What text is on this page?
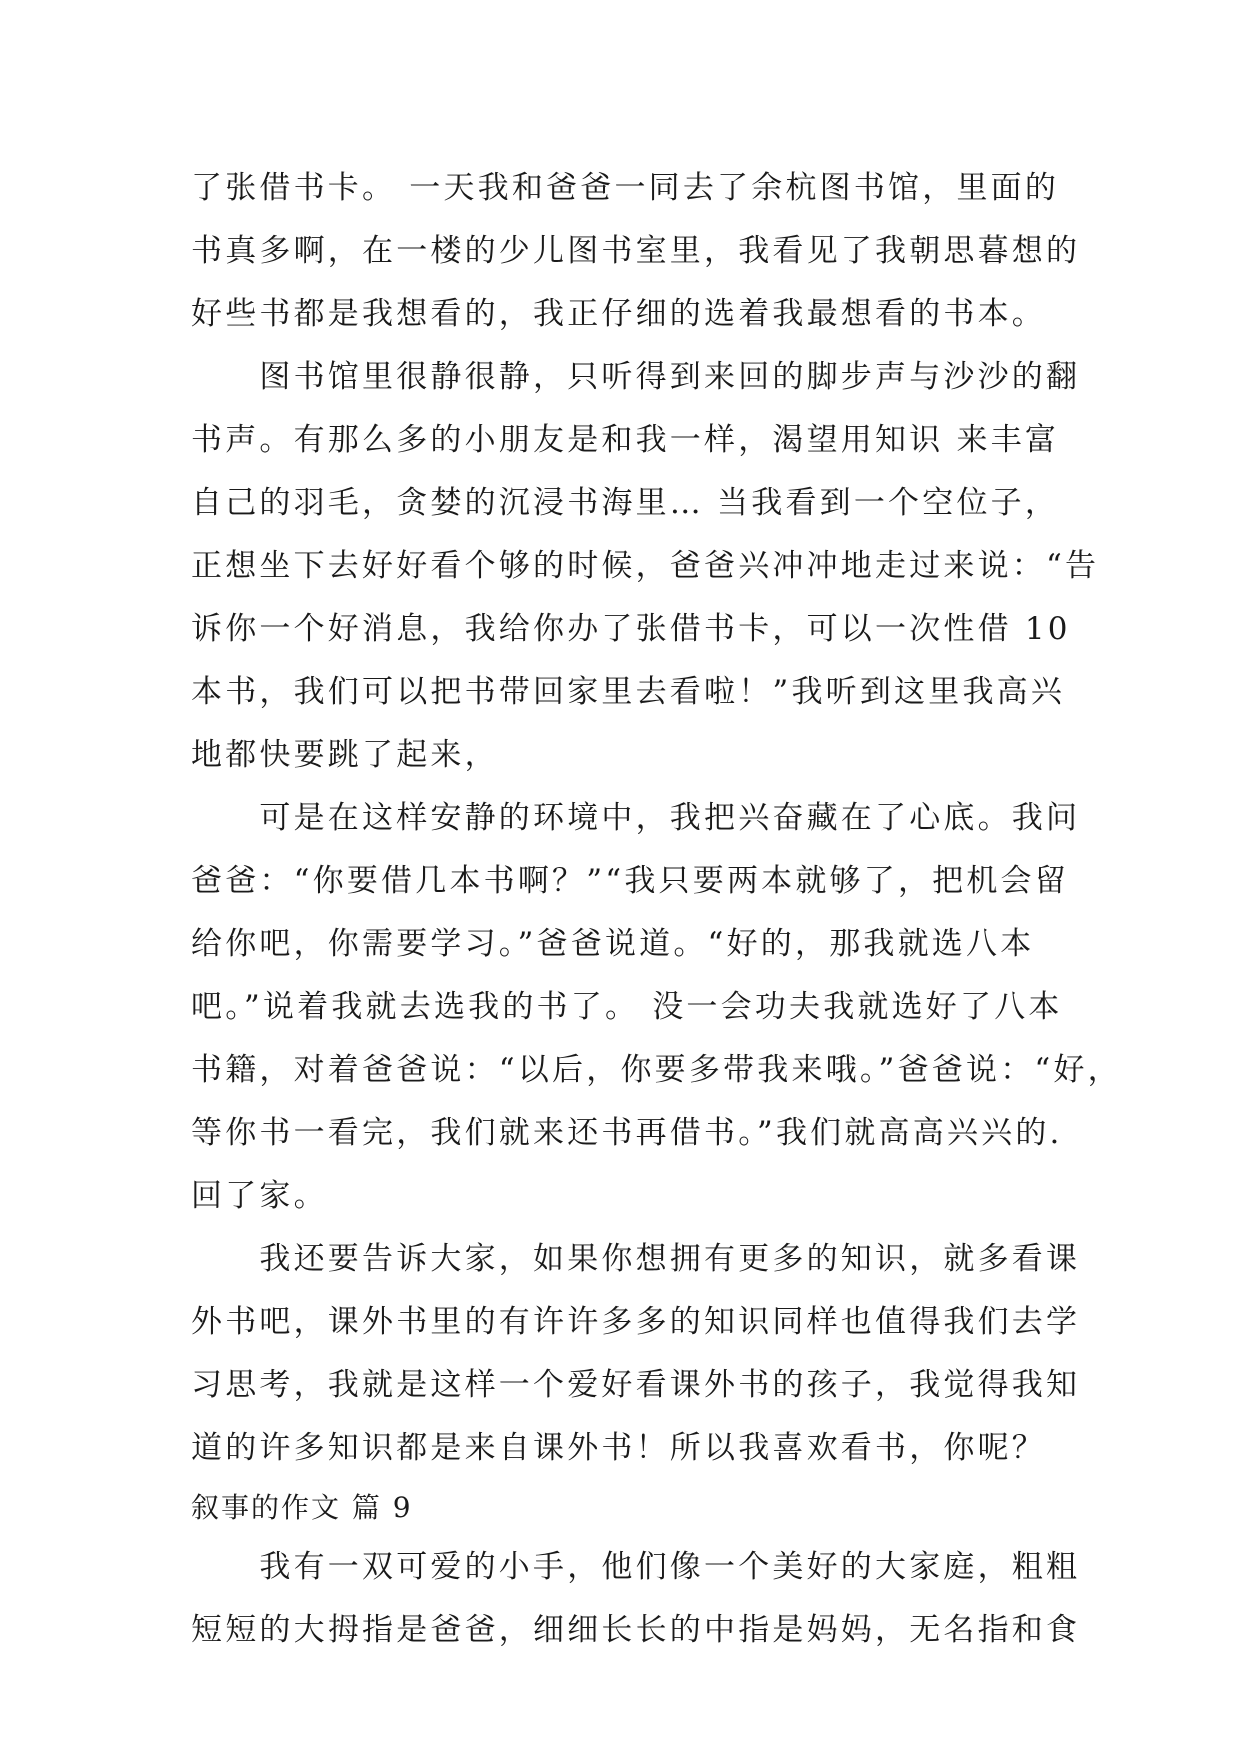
了张借书卡。 一天我和爸爸一同去了余杭图书馆，里面的
书真多啊，在一楼的少儿图书室里，我看见了我朝思暮想的
好些书都是我想看的，我正仔细的选着我最想看的书本。
　　图书馆里很静很静，只听得到来回的脚步声与沙沙的翻
书声。有那么多的小朋友是和我一样，渴望用知识 来丰富
自己的羽毛，贪婪的沉浸书海里… 当我看到一个空位子，
正想坐下去好好看个够的时候，爸爸兴冲冲地走过来说：“告
诉你一个好消息，我给你办了张借书卡，可以一次性借 10
本书，我们可以把书带回家里去看啦！”我听到这里我高兴
地都快要跳了起来，
　　可是在这样安静的环境中，我把兴奋藏在了心底。我问
爸爸：“你要借几本书啊？”“我只要两本就够了，把机会留
给你吧，你需要学习。”爸爸说道。“好的，那我就选八本
吧。”说着我就去选我的书了。 没一会功夫我就选好了八本
书籍，对着爸爸说：“以后，你要多带我来哦。”爸爸说：“好，
等你书一看完，我们就来还书再借书。”我们就高高兴兴的.
回了家。
　　我还要告诉大家，如果你想拥有更多的知识，就多看课
外书吧，课外书里的有许许多多的知识同样也值得我们去学
习思考，我就是这样一个爱好看课外书的孩子，我觉得我知
道的许多知识都是来自课外书！所以我喜欢看书，你呢？
叙事的作文 篇 9
　　我有一双可爱的小手，他们像一个美好的大家庭，粗粗
短短的大拇指是爸爸，细细长长的中指是妈妈，无名指和食
